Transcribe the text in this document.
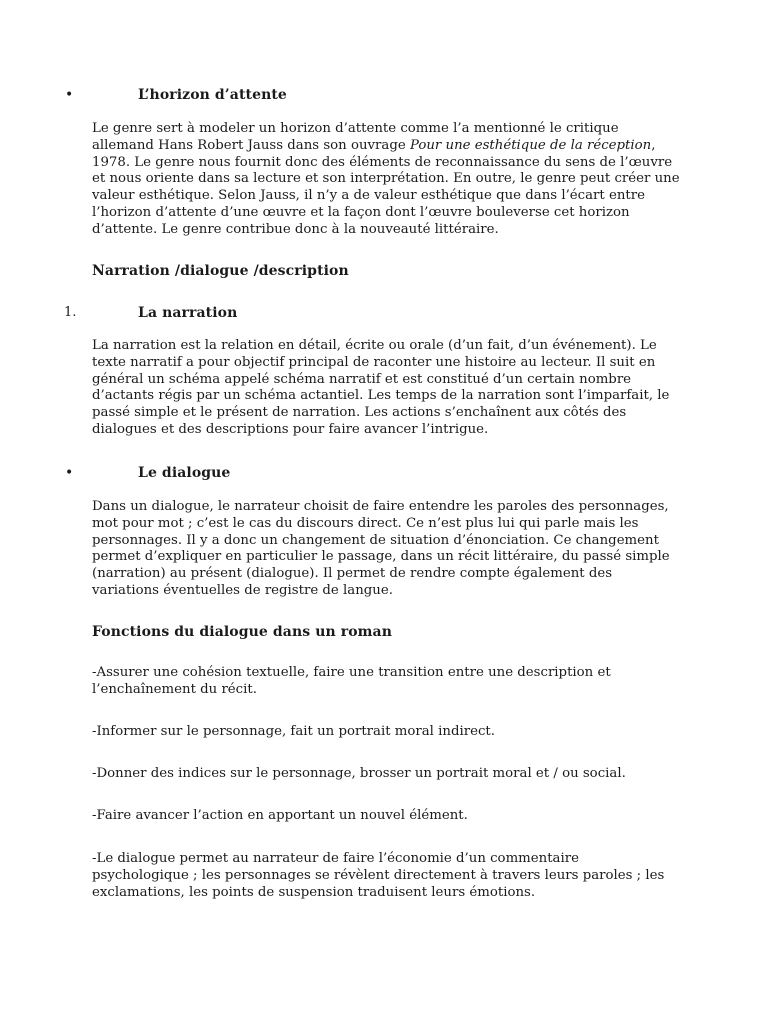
•	L’horizon d’attente
Le genre sert à modeler un horizon d’attente comme l’a mentionné le critique
allemand Hans Robert Jauss dans son ouvrage Pour une esthétique de la réception,
1978. Le genre nous fournit donc des éléments de reconnaissance du sens de l’œuvre
et nous oriente dans sa lecture et son interprétation. En outre, le genre peut créer une
valeur esthétique. Selon Jauss, il n’y a de valeur esthétique que dans l’écart entre
l’horizon d’attente d’une œuvre et la façon dont l’œuvre bouleverse cet horizon
d’attente. Le genre contribue donc à la nouveauté littéraire.
Narration /dialogue /description
1.	La narration
La narration est la relation en détail, écrite ou orale (d’un fait, d’un événement). Le
texte narratif a pour objectif principal de raconter une histoire au lecteur. Il suit en
général un schéma appelé schéma narratif et est constitué d’un certain nombre
d’actants régis par un schéma actantiel. Les temps de la narration sont l’imparfait, le
passé simple et le présent de narration. Les actions s’enchaînent aux côtés des
dialogues et des descriptions pour faire avancer l’intrigue.
•	Le dialogue
Dans un dialogue, le narrateur choisit de faire entendre les paroles des personnages,
mot pour mot ; c’est le cas du discours direct. Ce n’est plus lui qui parle mais les
personnages. Il y a donc un changement de situation d’énonciation. Ce changement
permet d’expliquer en particulier le passage, dans un récit littéraire, du passé simple
(narration) au présent (dialogue). Il permet de rendre compte également des
variations éventuelles de registre de langue.
Fonctions du dialogue dans un roman
-Assurer une cohésion textuelle, faire une transition entre une description et
l’enchaînement du récit.
-Informer sur le personnage, fait un portrait moral indirect.
-Donner des indices sur le personnage, brosser un portrait moral et / ou social.
-Faire avancer l’action en apportant un nouvel élément.
-Le dialogue permet au narrateur de faire l’économie d’un commentaire
psychologique ; les personnages se révèlent directement à travers leurs paroles ; les
exclamations, les points de suspension traduisent leurs émotions.
